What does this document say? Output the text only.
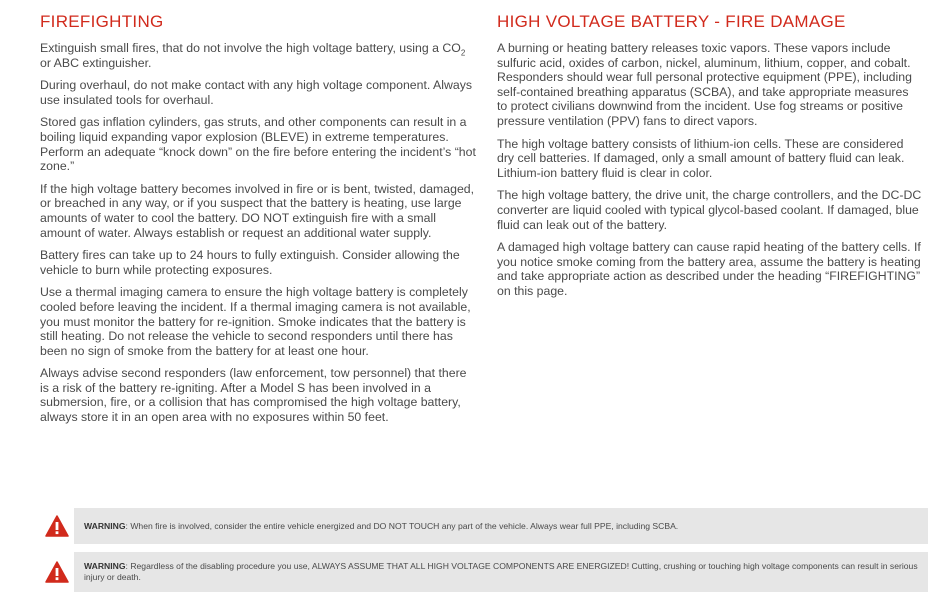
FIREFIGHTING

Extinguish small fires, that do not involve the high voltage battery, using a $CO_2$ or ABC extinguisher.

During overhaul, do not make contact with any high voltage component. Always use insulated tools for overhaul.

Stored gas inflation cylinders, gas struts, and other components can result in a boiling liquid expanding vapor explosion (BLEVE) in extreme temperatures. Perform an adequate “knock down” on the fire before entering the incident’s “hot zone.”

If the high voltage battery becomes involved in fire or is bent, twisted, damaged, or breached in any way, or if you suspect that the battery is heating, use large amounts of water to cool the battery. DO NOT extinguish fire with a small amount of water. Always establish or request an additional water supply.

Battery fires can take up to 24 hours to fully extinguish. Consider allowing the vehicle to burn while protecting exposures.

Use a thermal imaging camera to ensure the high voltage battery is completely cooled before leaving the incident. If a thermal imaging camera is not available, you must monitor the battery for re-ignition. Smoke indicates that the battery is still heating. Do not release the vehicle to second responders until there has been no sign of smoke from the battery for at least one hour.

Always advise second responders (law enforcement, tow personnel) that there is a risk of the battery re-igniting. After a Model S has been involved in a submersion, fire, or a collision that has compromised the high voltage battery, always store it in an open area with no exposures within 50 feet.

HIGH VOLTAGE BATTERY - FIRE DAMAGE

A burning or heating battery releases toxic vapors. These vapors include sulfuric acid, oxides of carbon, nickel, aluminum, lithium, copper, and cobalt. Responders should wear full personal protective equipment (PPE), including self-contained breathing apparatus (SCBA), and take appropriate measures to protect civilians downwind from the incident. Use fog streams or positive pressure ventilation (PPV) fans to direct vapors.

The high voltage battery consists of lithium-ion cells. These are considered dry cell batteries. If damaged, only a small amount of battery fluid can leak. Lithium-ion battery fluid is clear in color.

The high voltage battery, the drive unit, the charge controllers, and the DC-DC converter are liquid cooled with typical glycol-based coolant. If damaged, blue fluid can leak out of the battery.

A damaged high voltage battery can cause rapid heating of the battery cells. If you notice smoke coming from the battery area, assume the battery is heating and take appropriate action as described under the heading “FIREFIGHTING” on this page.

WARNING: When fire is involved, consider the entire vehicle energized and DO NOT TOUCH any part of the vehicle. Always wear full PPE, including SCBA.
WARNING: Regardless of the disabling procedure you use, ALWAYS ASSUME THAT ALL HIGH VOLTAGE COMPONENTS ARE ENERGIZED! Cutting, crushing or touching high voltage components can result in serious injury or death.
